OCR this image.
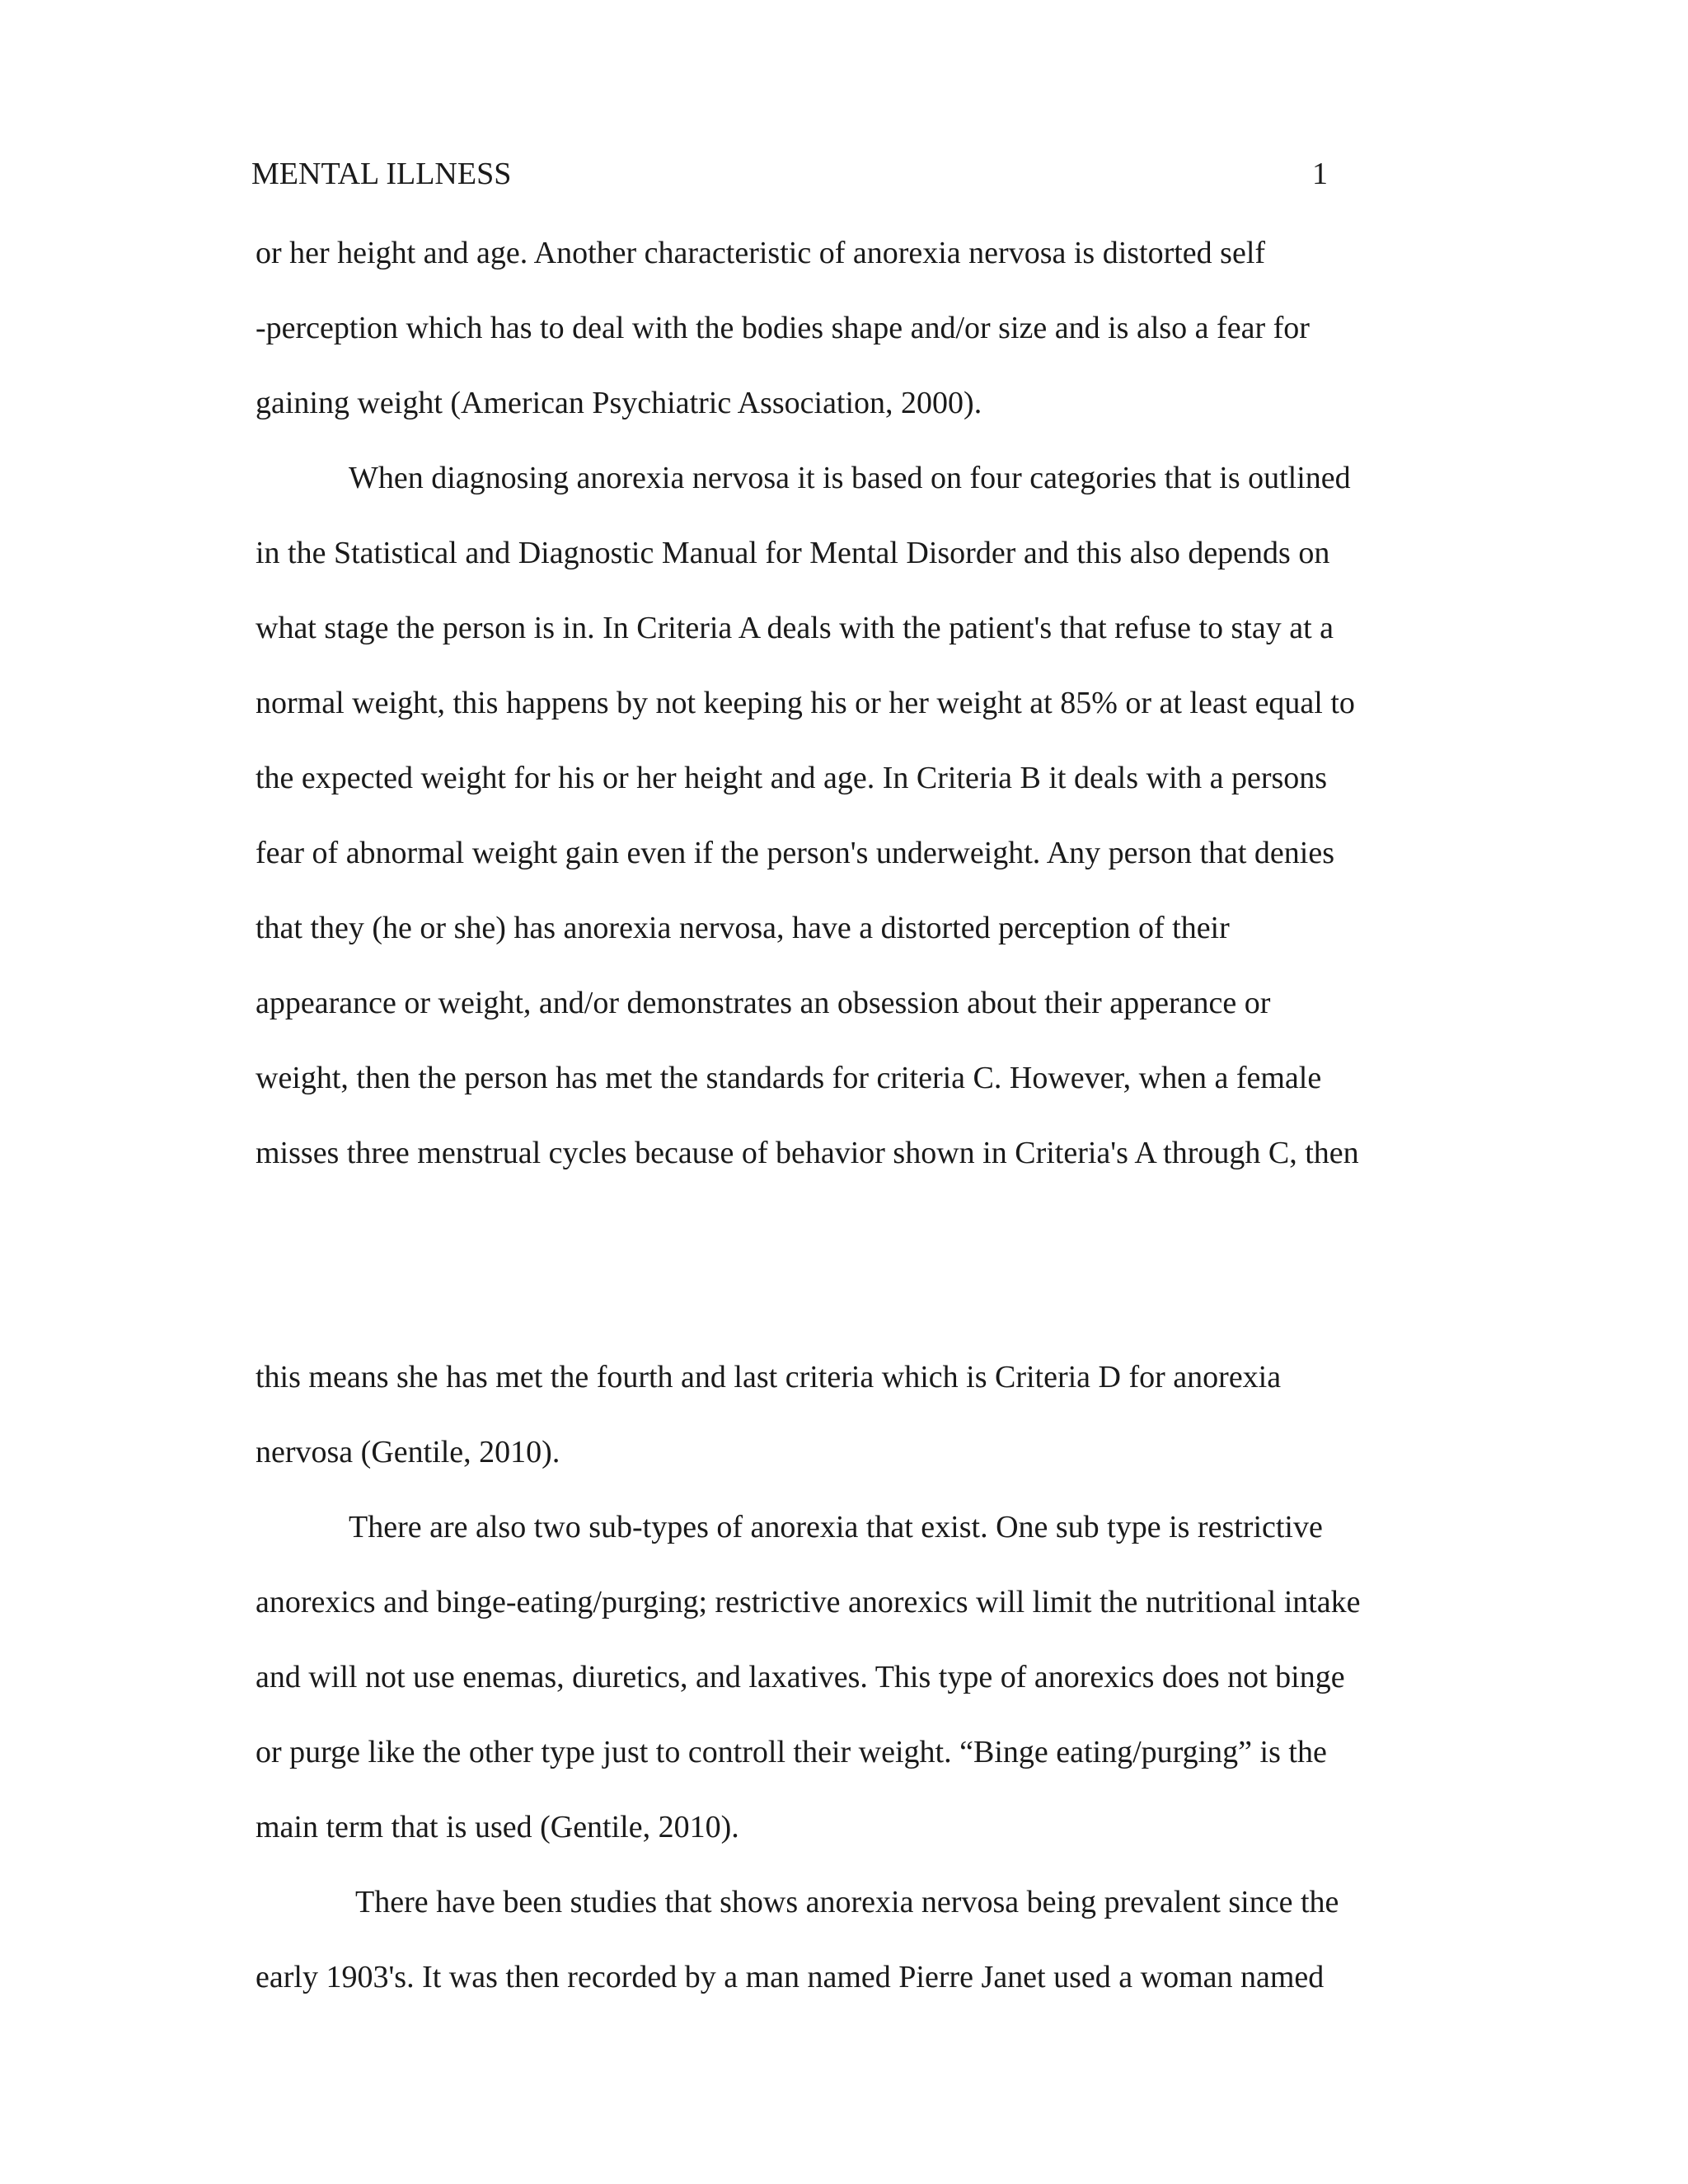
MENTAL ILLNESS	1
or her height and age. Another characteristic of anorexia nervosa is distorted self
-perception which has to deal with the bodies shape and/or size and is also a fear for
gaining weight (American Psychiatric Association, 2000).
When diagnosing anorexia nervosa it is based on four categories that is outlined
in the Statistical and Diagnostic Manual for Mental Disorder and this also depends on
what stage the person is in. In Criteria A deals with the patient's that refuse to stay at a
normal weight, this happens by not keeping his or her weight at 85% or at least equal to
the expected weight for his or her height and age. In Criteria B it deals with a persons
fear of abnormal weight gain even if the person's underweight. Any person that denies
that they (he or she) has anorexia nervosa, have a distorted perception of their
appearance or weight, and/or demonstrates an obsession about their apperance or
weight, then the person has met the standards for criteria C. However, when a female
misses three menstrual cycles because of behavior shown in Criteria's A through C, then
this means she has met the fourth and last criteria which is Criteria D for anorexia
nervosa (Gentile, 2010).
There are also two sub-types of anorexia that exist. One sub type is restrictive
anorexics and binge-eating/purging; restrictive anorexics will limit the nutritional intake
and will not use enemas, diuretics, and laxatives. This type of anorexics does not binge
or purge like the other type just to controll their weight. “Binge eating/purging” is the
main term that is used (Gentile, 2010).
There have been studies that shows anorexia nervosa being prevalent since the
early 1903's. It was then recorded by a man named Pierre Janet used a woman named
